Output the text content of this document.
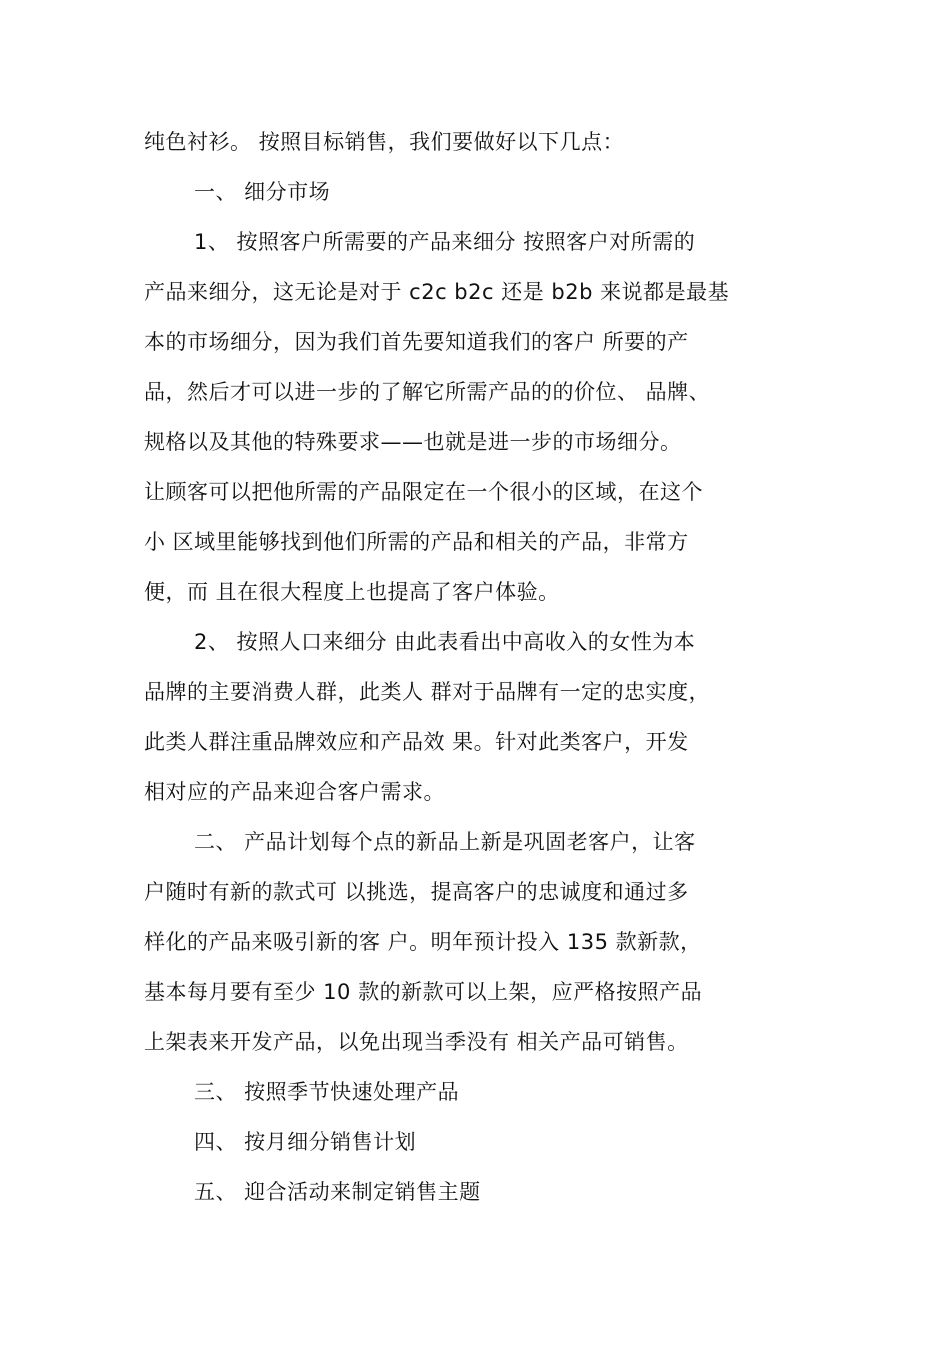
纯色衬衫。 按照目标销售，我们要做好以下几点：
一、 细分市场
1、 按照客户所需要的产品来细分 按照客户对所需的
产品来细分，这无论是对于 c2c b2c 还是 b2b 来说都是最基
本的市场细分，因为我们首先要知道我们的客户 所要的产
品，然后才可以进一步的了解它所需产品的的价位、 品牌、
规格以及其他的特殊要求——也就是进一步的市场细分。
让顾客可以把他所需的产品限定在一个很小的区域，在这个
小 区域里能够找到他们所需的产品和相关的产品，非常方
便，而 且在很大程度上也提高了客户体验。
2、 按照人口来细分 由此表看出中高收入的女性为本
品牌的主要消费人群，此类人 群对于品牌有一定的忠实度，
此类人群注重品牌效应和产品效 果。针对此类客户，开发
相对应的产品来迎合客户需求。
二、 产品计划每个点的新品上新是巩固老客户，让客
户随时有新的款式可 以挑选，提高客户的忠诚度和通过多
样化的产品来吸引新的客 户。明年预计投入 135 款新款，
基本每月要有至少 10 款的新款可以上架，应严格按照产品
上架表来开发产品，以免出现当季没有 相关产品可销售。
三、 按照季节快速处理产品
四、 按月细分销售计划
五、 迎合活动来制定销售主题
